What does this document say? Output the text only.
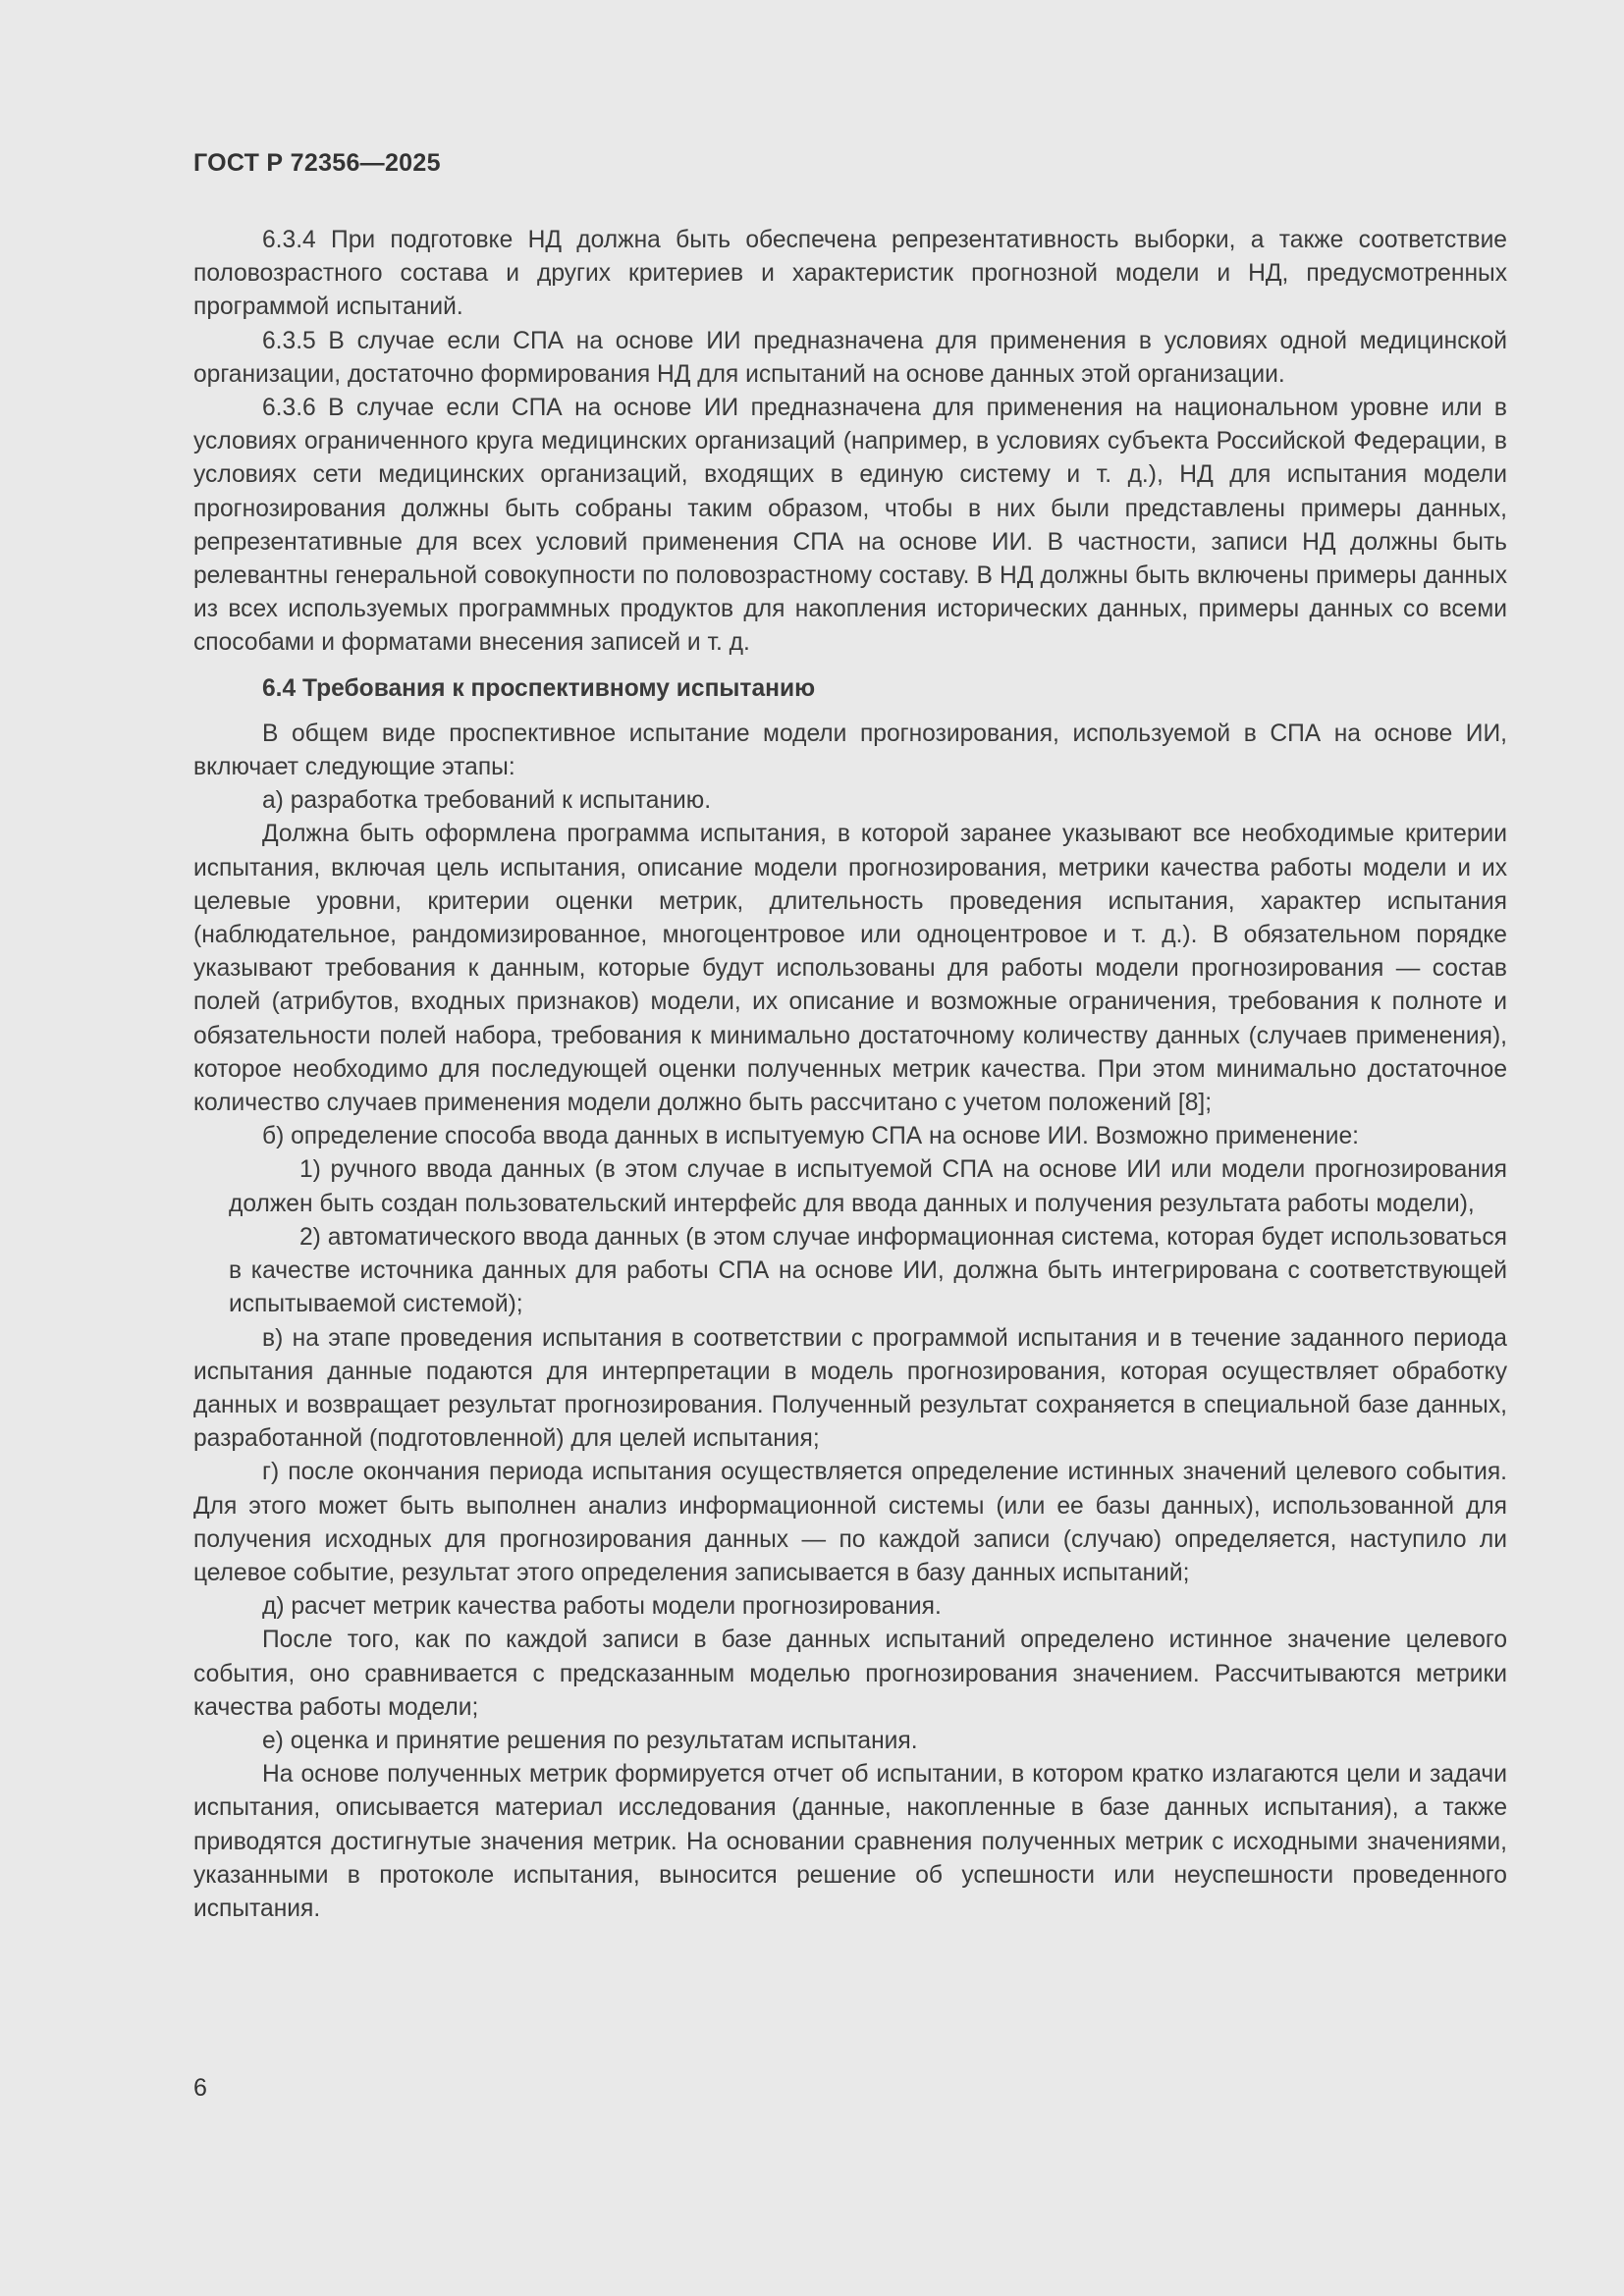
ГОСТ Р 72356—2025

6.3.4 При подготовке НД должна быть обеспечена репрезентативность выборки, а также соответствие половозрастного состава и других критериев и характеристик прогнозной модели и НД, предусмотренных программой испытаний.

6.3.5 В случае если СПА на основе ИИ предназначена для применения в условиях одной медицинской организации, достаточно формирования НД для испытаний на основе данных этой организации.

6.3.6 В случае если СПА на основе ИИ предназначена для применения на национальном уровне или в условиях ограниченного круга медицинских организаций (например, в условиях субъекта Российской Федерации, в условиях сети медицинских организаций, входящих в единую систему и т. д.), НД для испытания модели прогнозирования должны быть собраны таким образом, чтобы в них были представлены примеры данных, репрезентативные для всех условий применения СПА на основе ИИ. В частности, записи НД должны быть релевантны генеральной совокупности по половозрастному составу. В НД должны быть включены примеры данных из всех используемых программных продуктов для накопления исторических данных, примеры данных со всеми способами и форматами внесения записей и т. д.

6.4 Требования к проспективному испытанию

В общем виде проспективное испытание модели прогнозирования, используемой в СПА на основе ИИ, включает следующие этапы:

а) разработка требований к испытанию.

Должна быть оформлена программа испытания, в которой заранее указывают все необходимые критерии испытания, включая цель испытания, описание модели прогнозирования, метрики качества работы модели и их целевые уровни, критерии оценки метрик, длительность проведения испытания, характер испытания (наблюдательное, рандомизированное, многоцентровое или одноцентровое и т. д.). В обязательном порядке указывают требования к данным, которые будут использованы для работы модели прогнозирования — состав полей (атрибутов, входных признаков) модели, их описание и возможные ограничения, требования к полноте и обязательности полей набора, требования к минимально достаточному количеству данных (случаев применения), которое необходимо для последующей оценки полученных метрик качества. При этом минимально достаточное количество случаев применения модели должно быть рассчитано с учетом положений [8];

б) определение способа ввода данных в испытуемую СПА на основе ИИ. Возможно применение:

1) ручного ввода данных (в этом случае в испытуемой СПА на основе ИИ или модели прогнозирования должен быть создан пользовательский интерфейс для ввода данных и получения результата работы модели),

2) автоматического ввода данных (в этом случае информационная система, которая будет использоваться в качестве источника данных для работы СПА на основе ИИ, должна быть интегрирована с соответствующей испытываемой системой);

в) на этапе проведения испытания в соответствии с программой испытания и в течение заданного периода испытания данные подаются для интерпретации в модель прогнозирования, которая осуществляет обработку данных и возвращает результат прогнозирования. Полученный результат сохраняется в специальной базе данных, разработанной (подготовленной) для целей испытания;

г) после окончания периода испытания осуществляется определение истинных значений целевого события. Для этого может быть выполнен анализ информационной системы (или ее базы данных), использованной для получения исходных для прогнозирования данных — по каждой записи (случаю) определяется, наступило ли целевое событие, результат этого определения записывается в базу данных испытаний;

д) расчет метрик качества работы модели прогнозирования.

После того, как по каждой записи в базе данных испытаний определено истинное значение целевого события, оно сравнивается с предсказанным моделью прогнозирования значением. Рассчитываются метрики качества работы модели;

е) оценка и принятие решения по результатам испытания.

На основе полученных метрик формируется отчет об испытании, в котором кратко излагаются цели и задачи испытания, описывается материал исследования (данные, накопленные в базе данных испытания), а также приводятся достигнутые значения метрик. На основании сравнения полученных метрик с исходными значениями, указанными в протоколе испытания, выносится решение об успешности или неуспешности проведенного испытания.

6
